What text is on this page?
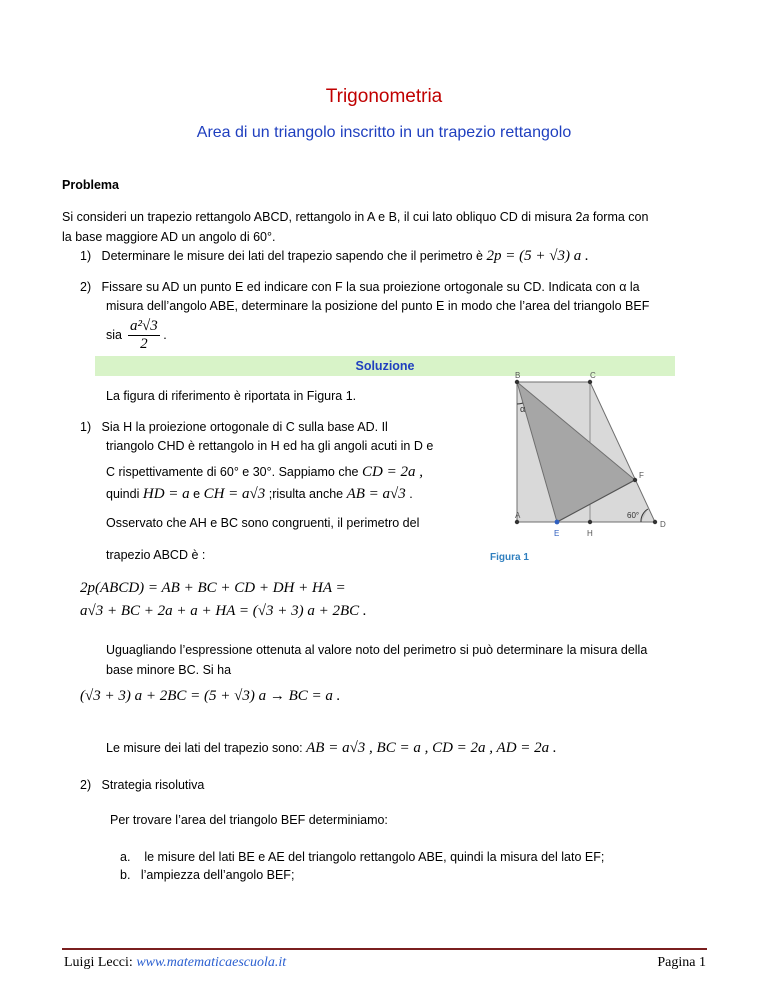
Trigonometria
Area di un triangolo inscritto in un trapezio rettangolo
Problema
Si consideri un trapezio rettangolo ABCD, rettangolo in A e B, il cui lato obliquo CD di misura 2a forma con
la base maggiore AD un angolo di 60°.
1) Determinare le misure dei lati del trapezio sapendo che il perimetro è 2p = (5 + √3) a .
2) Fissare su AD un punto E ed indicare con F la sua proiezione ortogonale su CD. Indicata con α la
misura dell’angolo ABE, determinare la posizione del punto E in modo che l’area del triangolo BEF
Soluzione
La figura di riferimento è riportata in Figura 1.
1) Sia H la proiezione ortogonale di C sulla base AD. Il
triangolo CHD è rettangolo in H ed ha gli angoli acuti in D e
C rispettivamente di 60° e 30°. Sappiamo che CD = 2a ,
quindi HD = a e CH = a√3 ;risulta anche AB = a√3 .
Osservato che AH e BC sono congruenti, il perimetro del
trapezio ABCD è :
B	C
α
F
60°
A
D
E	H
Figura 1
2p(ABCD) = AB + BC + CD + DH + HA =
a√3 + BC + 2a + a + HA = (√3 + 3) a + 2BC .
Uguagliando l’espressione ottenuta al valore noto del perimetro si può determinare la misura della
base minore BC. Si ha
(√3 + 3) a + 2BC = (5 + √3) a → BC = a .
Le misure dei lati del trapezio sono: AB = a√3 , BC = a , CD = 2a , AD = 2a .
2) Strategia risolutiva
Per trovare l’area del triangolo BEF determiniamo:
a. le misure del lati BE e AE del triangolo rettangolo ABE, quindi la misura del lato EF;
b. l’ampiezza dell’angolo BEF;
Luigi Lecci: www.matematicaescuola.it	Pagina 1
sia $\frac{\text{a²√3}}{2}$ .
